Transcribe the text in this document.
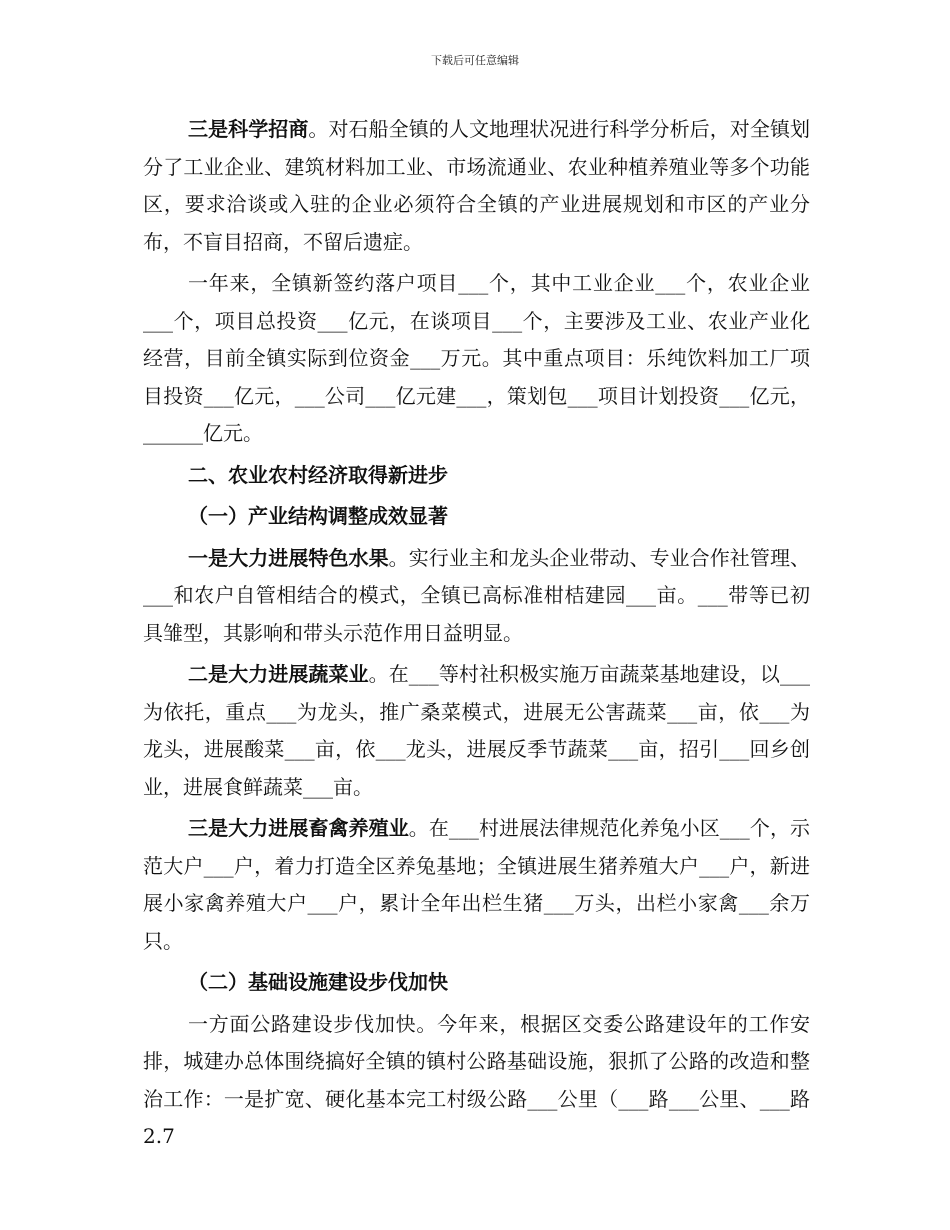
下载后可任意编辑

三是科学招商。对石船全镇的人文地理状况进行科学分析后，对全镇划分了工业企业、建筑材料加工业、市场流通业、农业种植养殖业等多个功能区，要求洽谈或入驻的企业必须符合全镇的产业进展规划和市区的产业分布，不盲目招商，不留后遗症。

一年来，全镇新签约落户项目___个，其中工业企业___个，农业企业___个，项目总投资___亿元，在谈项目___个，主要涉及工业、农业产业化经营，目前全镇实际到位资金___万元。其中重点项目：乐纯饮料加工厂项目投资___亿元，___公司___亿元建___，策划包___项目计划投资___亿元，______亿元。

二、农业农村经济取得新进步

（一）产业结构调整成效显著

一是大力进展特色水果。实行业主和龙头企业带动、专业合作社管理、___和农户自管相结合的模式，全镇已高标准柑桔建园___亩。___带等已初具雏型，其影响和带头示范作用日益明显。

二是大力进展蔬菜业。在___等村社积极实施万亩蔬菜基地建设，以___为依托，重点___为龙头，推广桑菜模式，进展无公害蔬菜___亩，依___为龙头，进展酸菜___亩，依___龙头，进展反季节蔬菜___亩，招引___回乡创业，进展食鲜蔬菜___亩。

三是大力进展畜禽养殖业。在___村进展法律规范化养兔小区___个，示范大户___户，着力打造全区养兔基地；全镇进展生猪养殖大户___户，新进展小家禽养殖大户___户，累计全年出栏生猪___万头，出栏小家禽___余万只。

（二）基础设施建设步伐加快

一方面公路建设步伐加快。今年来，根据区交委公路建设年的工作安排，城建办总体围绕搞好全镇的镇村公路基础设施，狠抓了公路的改造和整治工作：一是扩宽、硬化基本完工村级公路___公里（___路___公里、___路2.7
